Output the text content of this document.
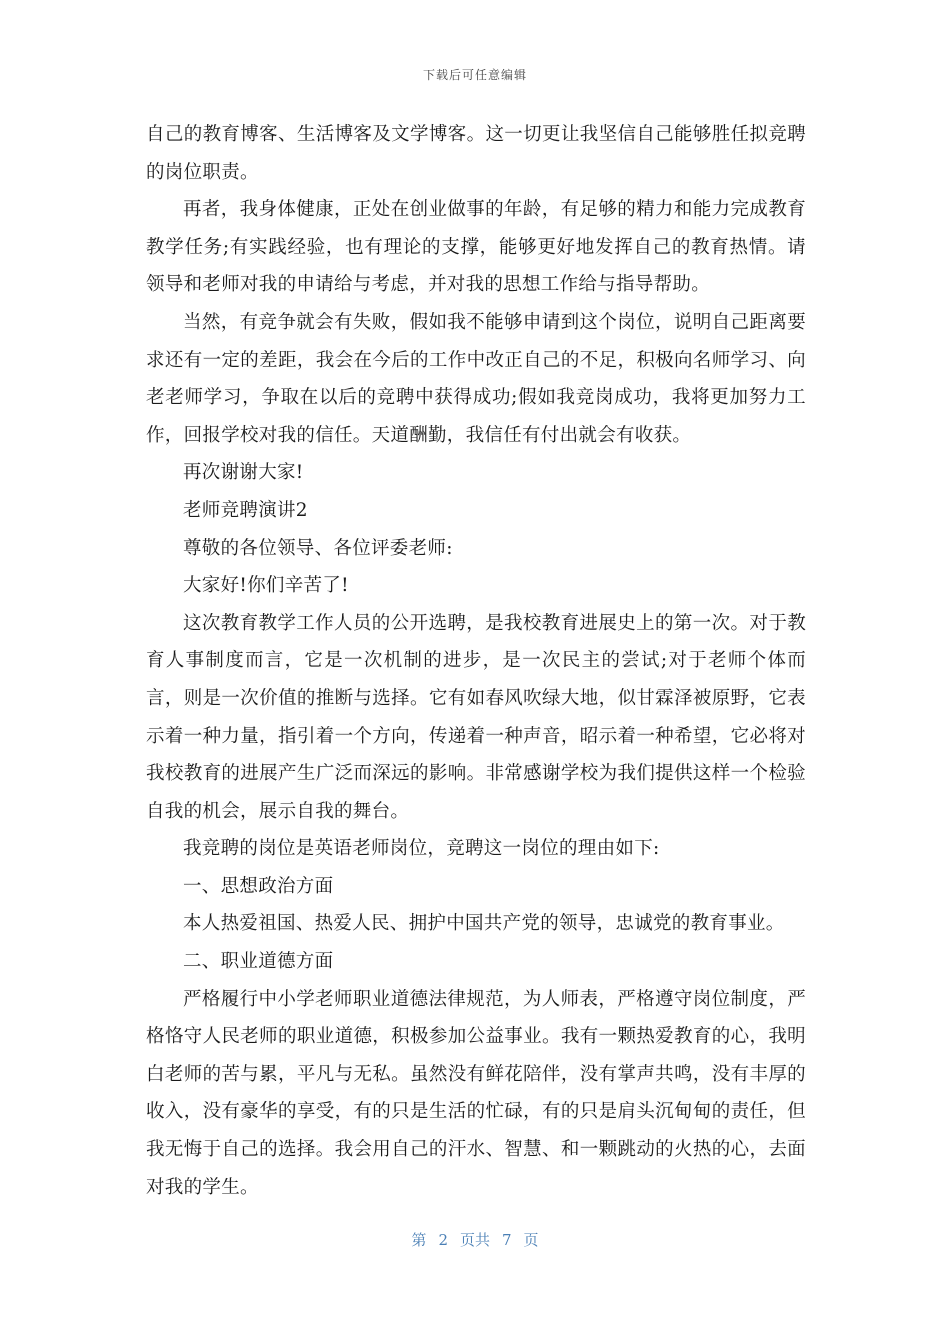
下载后可任意编辑

自己的教育博客、生活博客及文学博客。这一切更让我坚信自己能够胜任拟竞聘的岗位职责。

再者，我身体健康，正处在创业做事的年龄，有足够的精力和能力完成教育教学任务;有实践经验，也有理论的支撑，能够更好地发挥自己的教育热情。请领导和老师对我的申请给与考虑，并对我的思想工作给与指导帮助。

当然，有竞争就会有失败，假如我不能够申请到这个岗位，说明自己距离要求还有一定的差距，我会在今后的工作中改正自己的不足，积极向名师学习、向老老师学习，争取在以后的竞聘中获得成功;假如我竞岗成功，我将更加努力工作，回报学校对我的信任。天道酬勤，我信任有付出就会有收获。

再次谢谢大家!

老师竞聘演讲2

尊敬的各位领导、各位评委老师:

大家好!你们辛苦了!

这次教育教学工作人员的公开选聘，是我校教育进展史上的第一次。对于教育人事制度而言，它是一次机制的进步，是一次民主的尝试;对于老师个体而言，则是一次价值的推断与选择。它有如春风吹绿大地，似甘霖泽被原野，它表示着一种力量，指引着一个方向，传递着一种声音，昭示着一种希望，它必将对我校教育的进展产生广泛而深远的影响。非常感谢学校为我们提供这样一个检验自我的机会，展示自我的舞台。

我竞聘的岗位是英语老师岗位，竞聘这一岗位的理由如下:

一、思想政治方面

本人热爱祖国、热爱人民、拥护中国共产党的领导，忠诚党的教育事业。

二、职业道德方面

严格履行中小学老师职业道德法律规范，为人师表，严格遵守岗位制度，严格恪守人民老师的职业道德，积极参加公益事业。我有一颗热爱教育的心，我明白老师的苦与累，平凡与无私。虽然没有鲜花陪伴，没有掌声共鸣，没有丰厚的收入，没有豪华的享受，有的只是生活的忙碌，有的只是肩头沉甸甸的责任，但我无悔于自己的选择。我会用自己的汗水、智慧、和一颗跳动的火热的心，去面对我的学生。

第 2 页共 7 页
